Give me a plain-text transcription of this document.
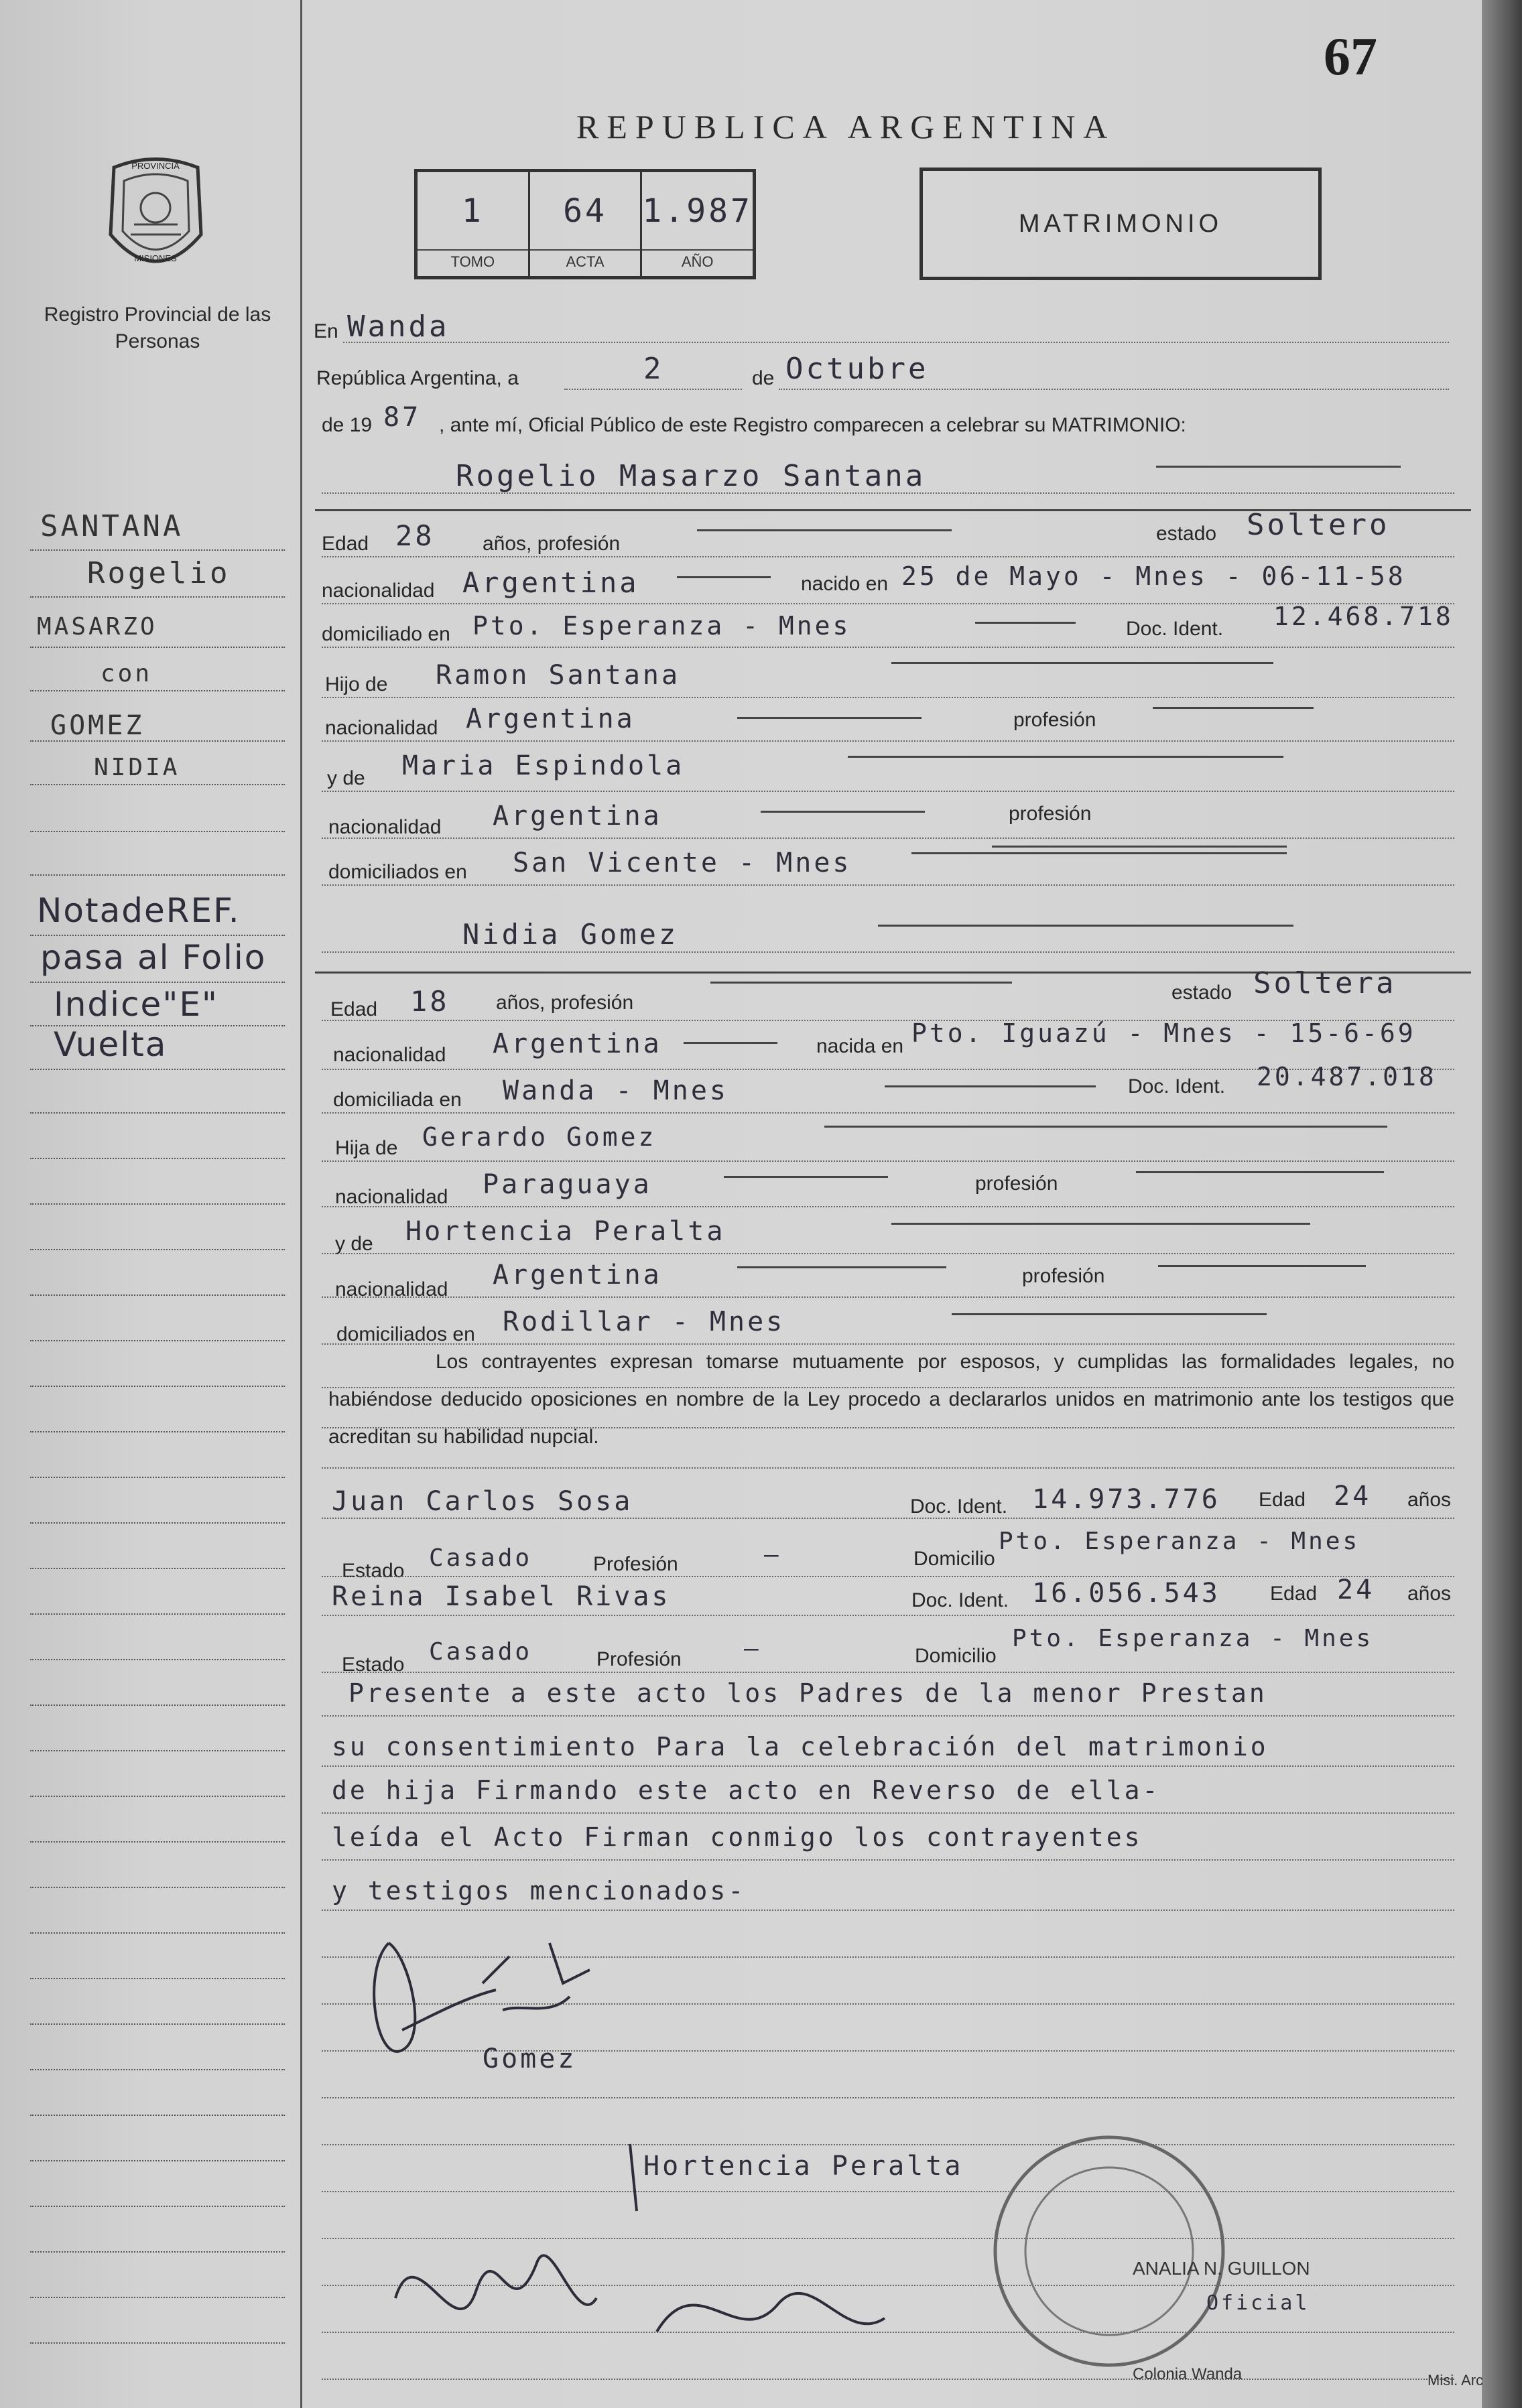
67
REPUBLICA ARGENTINA
PROVINCIA
MISIONES
Registro Provincial de las Personas
1
TOMO
64
ACTA
1.987
AÑO
MATRIMONIO
En Wanda
República Argentina, a	2	de Octubre
de 19 87 , ante mí, Oficial Público de este Registro comparecen a celebrar su MATRIMONIO:
Rogelio Masarzo Santana
Edad 28 años, profesión	estado Soltero
nacionalidad Argentina	nacido en 25 de Mayo - Mnes - 06-11-58
domiciliado en Pto. Esperanza - Mnes	Doc. Ident. 12.468.718
Hijo de Ramon Santana
nacionalidad Argentina	profesión
y de Maria Espindola
nacionalidad Argentina	profesión
domiciliados en San Vicente - Mnes
Nidia Gomez
Edad 18 años, profesión	estado Soltera
nacionalidad Argentina	nacida en Pto. Iguazú - Mnes - 15-6-69
domiciliada en Wanda - Mnes	Doc. Ident. 20.487.018
Hija de Gerardo Gomez
nacionalidad Paraguaya	profesión
y de Hortencia Peralta
nacionalidad Argentina	profesión
domiciliados en Rodillar - Mnes
Los contrayentes expresan tomarse mutuamente por esposos, y cumplidas las formalidades legales, no habiéndose deducido oposiciones en nombre de la Ley procedo a declararlos unidos en matrimonio ante los testigos que acreditan su habilidad nupcial.
Juan Carlos Sosa	Doc. Ident. 14.973.776 Edad 24 años
Estado Casado	Profesión	—	Domicilio
Pto. Esperanza - Mnes
Reina Isabel Rivas	Doc. Ident. 16.056.543 Edad 24 años
Estado Casado	Profesión	—	Domicilio
Pto. Esperanza - Mnes
Presente a este acto los Padres de la menor Prestan
su consentimiento Para la celebración del matrimonio
de hija Firmando este acto en Reverso de ella-
leída el Acto Firman conmigo los contrayentes
y testigos mencionados-
Gomez
Hortencia Peralta
Colonia Wanda
ANALIA N. GUILLON
Oficial
Misi. Arc
SANTANA
Rogelio
MASARZO
con
GOMEZ
NIDIA
NotadeREF.
pasa al Folio
Indice"E"
Vuelta
